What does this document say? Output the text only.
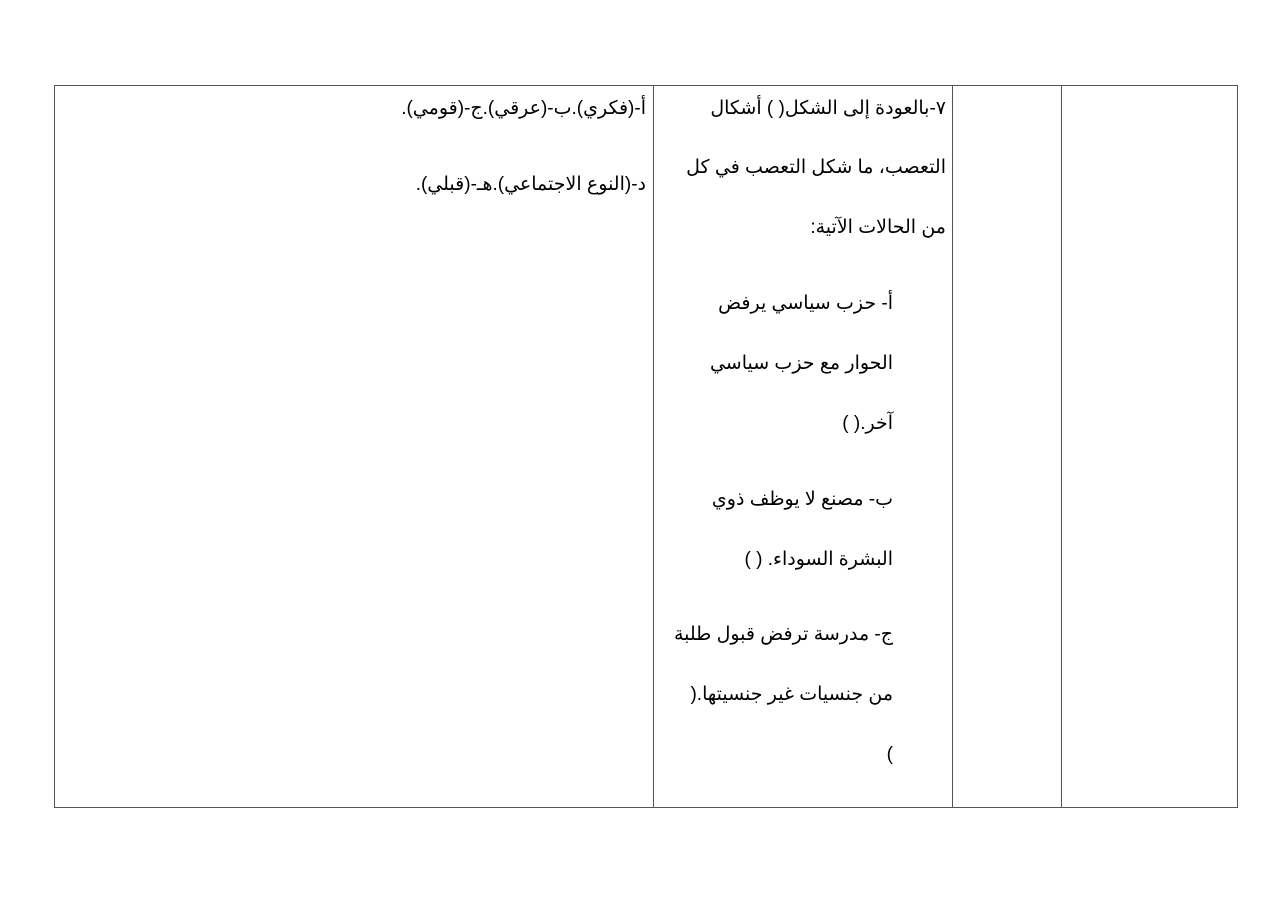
٧-بالعودة إلى الشكل( ) أشكال
التعصب، ما شكل التعصب في كل
من الحالات الآتية:
أ- حزب سياسي يرفض
الحوار مع حزب سياسي
آخر.( )
ب- مصنع لا يوظف ذوي
البشرة السوداء. ( )
ج- مدرسة ترفض قبول طلبة
من جنسيات غير جنسيتها.(
)
أ-(فكري).ب-(عرقي).ج-(قومي).
د-(النوع الاجتماعي).هـ-(قبلي).
